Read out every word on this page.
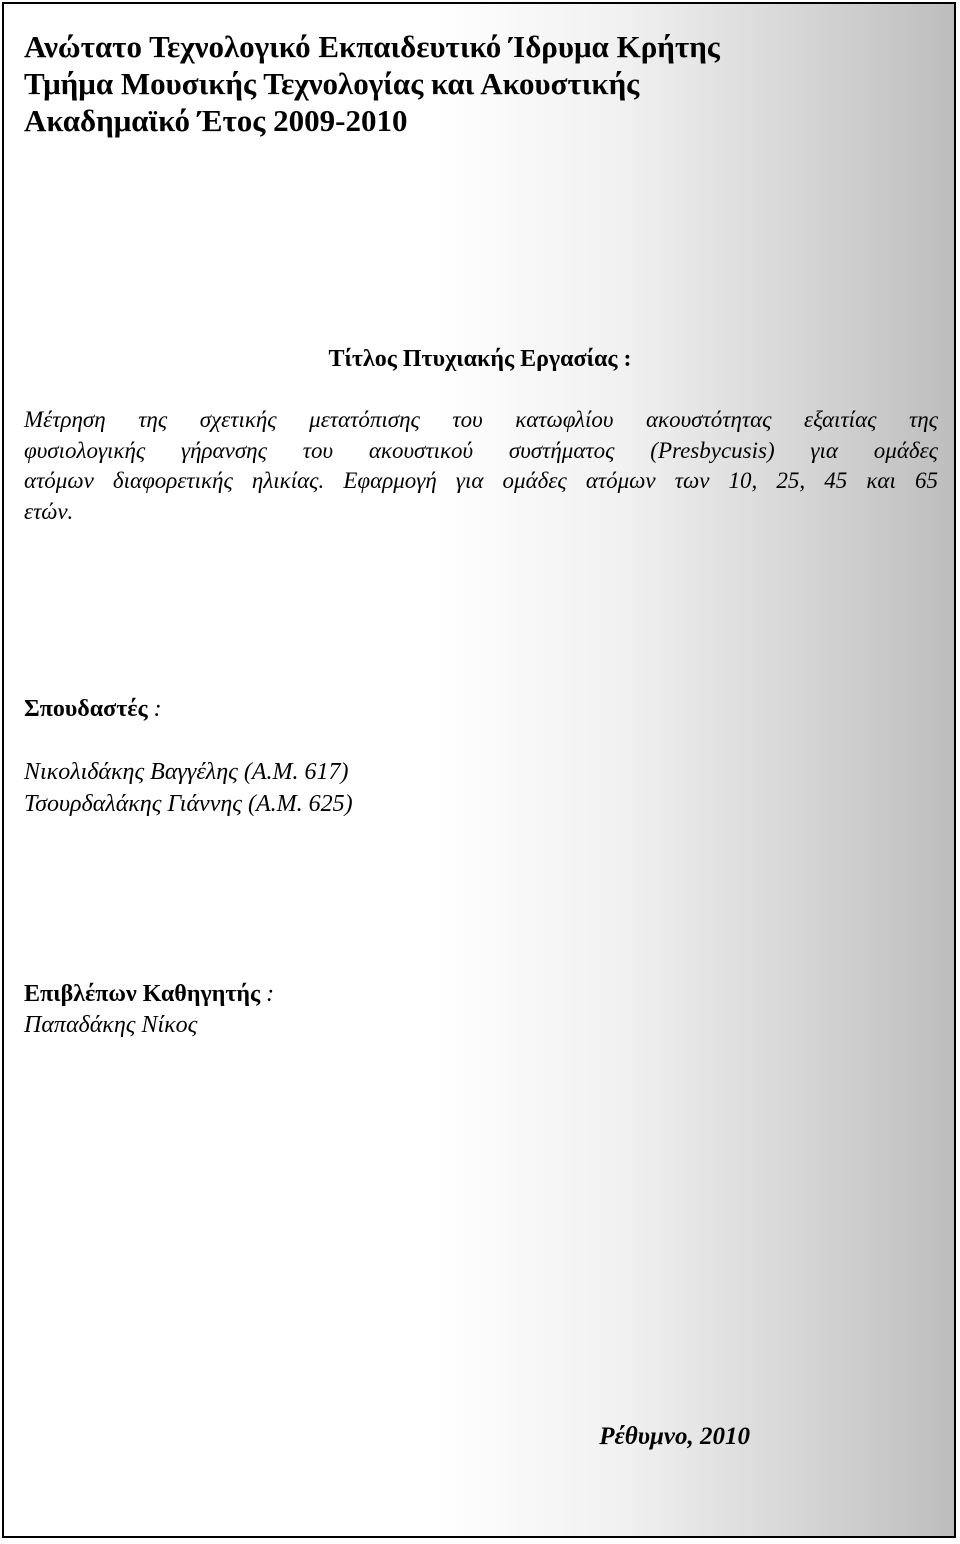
Ανώτατο Τεχνολογικό Εκπαιδευτικό Ίδρυμα Κρήτης
Τμήμα Μουσικής Τεχνολογίας και Ακουστικής
Ακαδημαϊκό Έτος 2009-2010
Τίτλος Πτυχιακής Εργασίας :
Μέτρηση της σχετικής μετατόπισης του κατωφλίου ακουστότητας εξαιτίας της
φυσιολογικής γήρανσης του ακουστικού συστήματος (Presbycusis) για ομάδες
ατόμων διαφορετικής ηλικίας. Εφαρμογή για ομάδες ατόμων των 10, 25, 45 και 65
ετών.
Σπουδαστές :
Νικολιδάκης Βαγγέλης (Α.Μ. 617)
Τσουρδαλάκης Γιάννης (Α.Μ. 625)
Επιβλέπων Καθηγητής :
Παπαδάκης Νίκος
Ρέθυμνο, 2010
